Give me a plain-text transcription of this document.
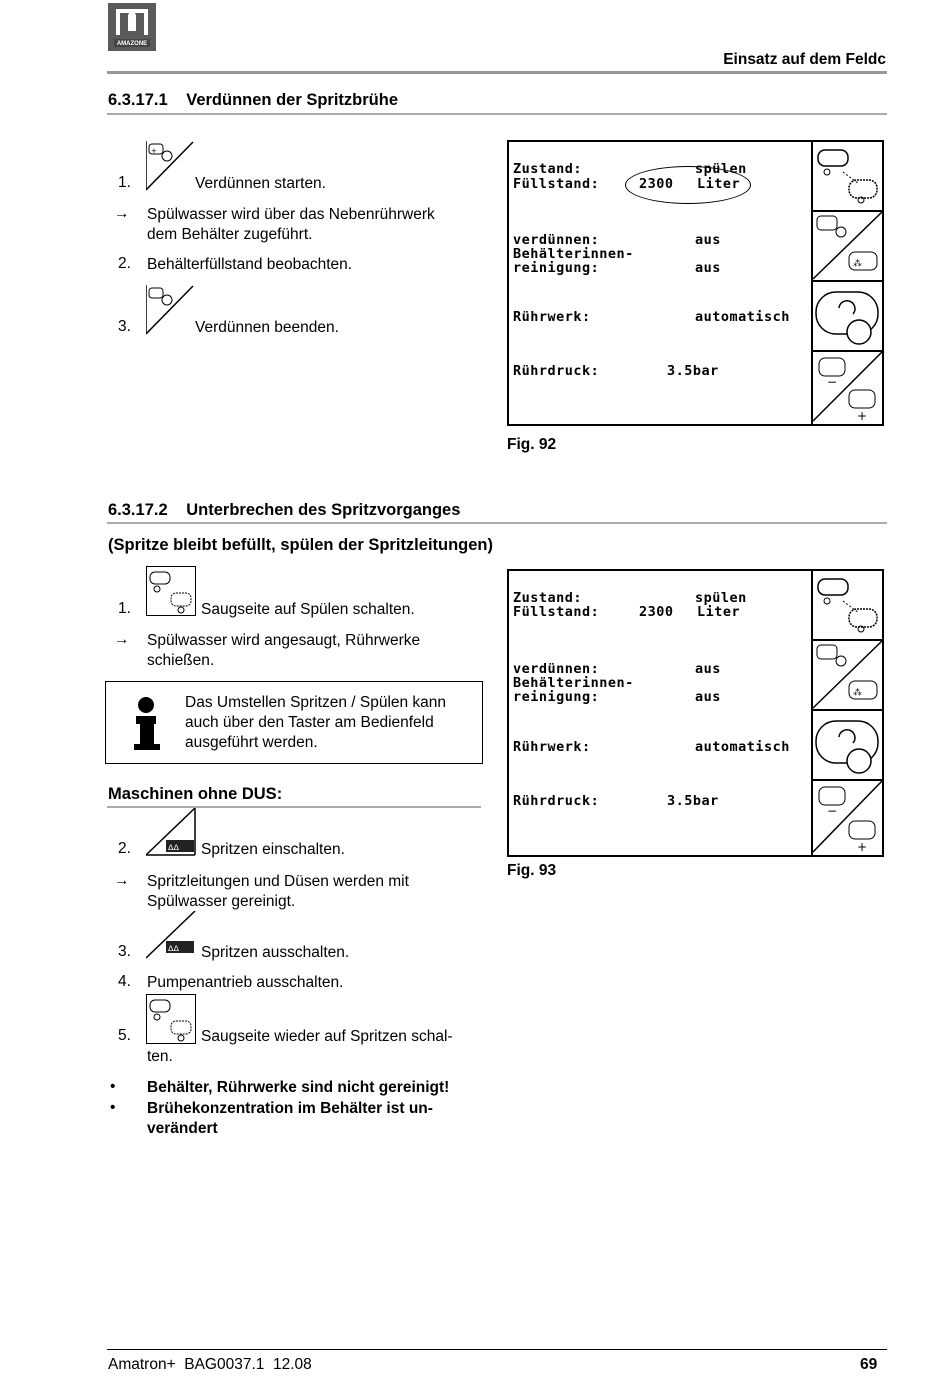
AMAZONE
Einsatz auf dem Feldc
6.3.17.1 Verdünnen der Spritzbrühe
+
1.	Verdünnen starten.
→ Spülwasser wird über das Nebenrührwerk
dem Behälter zugeführt.
2. Behälterfüllstand beobachten.
3.	Verdünnen beenden.
Zustand:	spülen
Füllstand:	2300 Liter
verdünnen:	aus
Behälterinnen-
reinigung:	aus
Rührwerk:	automatisch
Rührdruck:	3.5bar
⁂
−
+
Fig. 92
6.3.17.2 Unterbrechen des Spritzvorganges
(Spritze bleibt befüllt, spülen der Spritzleitungen)
1.	Saugseite auf Spülen schalten.
→ Spülwasser wird angesaugt, Rührwerke
schießen.
Das Umstellen Spritzen / Spülen kann
auch über den Taster am Bedienfeld
ausgeführt werden.
Maschinen ohne DUS:
ᐃᐃ
2.	Spritzen einschalten.
→ Spritzleitungen und Düsen werden mit
Spülwasser gereinigt.
ᐃᐃ
3.	Spritzen ausschalten.
4. Pumpenantrieb ausschalten.
5.	Saugseite wieder auf Spritzen schal-
ten.
• Behälter, Rührwerke sind nicht gereinigt!
• Brühekonzentration im Behälter ist un-
verändert
Zustand:	spülen
Füllstand:	2300 Liter
verdünnen:	aus
Behälterinnen-
reinigung:	aus
Rührwerk:	automatisch
Rührdruck:	3.5bar
⁂
−
+
Fig. 93
Amatron+  BAG0037.1  12.08	69
